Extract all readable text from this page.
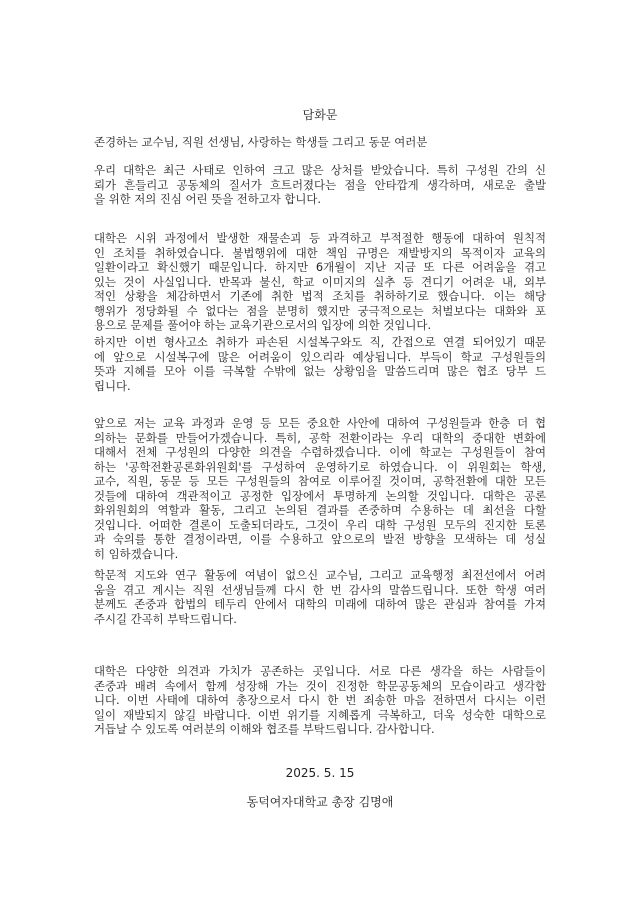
담화문
존경하는 교수님, 직원 선생님, 사랑하는 학생들 그리고 동문 여러분
우리 대학은 최근 사태로 인하여 크고 많은 상처를 받았습니다. 특히 구성원 간의 신
뢰가 흔들리고 공동체의 질서가 흐트러졌다는 점을 안타깝게 생각하며, 새로운 출발
을 위한 저의 진심 어린 뜻을 전하고자 합니다.
대학은 시위 과정에서 발생한 재물손괴 등 과격하고 부적절한 행동에 대하여 원칙적
인 조치를 취하였습니다. 불법행위에 대한 책임 규명은 재발방지의 목적이자 교육의
일환이라고 확신했기 때문입니다. 하지만 6개월이 지난 지금 또 다른 어려움을 겪고
있는 것이 사실입니다. 반목과 불신, 학교 이미지의 실추 등 견디기 어려운 내, 외부
적인 상황을 체감하면서 기존에 취한 법적 조치를 취하하기로 했습니다. 이는 해당
행위가 정당화될 수 없다는 점을 분명히 했지만 궁극적으로는 처벌보다는 대화와 포
용으로 문제를 풀어야 하는 교육기관으로서의 입장에 의한 것입니다.
하지만 이번 형사고소 취하가 파손된 시설복구와도 직, 간접으로 연결 되어있기 때문
에 앞으로 시설복구에 많은 어려움이 있으리라 예상됩니다. 부득이 학교 구성원들의
뜻과 지혜를 모아 이를 극복할 수밖에 없는 상황임을 말씀드리며 많은 협조 당부 드
립니다.
앞으로 저는 교육 과정과 운영 등 모든 중요한 사안에 대하여 구성원들과 한층 더 협
의하는 문화를 만들어가겠습니다. 특히, 공학 전환이라는 우리 대학의 중대한 변화에
대해서 전체 구성원의 다양한 의견을 수렴하겠습니다. 이에 학교는 구성원들이 참여
하는 '공학전환공론화위원회'를 구성하여 운영하기로 하였습니다. 이 위원회는 학생,
교수, 직원, 동문 등 모든 구성원들의 참여로 이루어질 것이며, 공학전환에 대한 모든
것들에 대하여 객관적이고 공정한 입장에서 투명하게 논의할 것입니다. 대학은 공론
화위원회의 역할과 활동, 그리고 논의된 결과를 존중하며 수용하는 데 최선을 다할
것입니다. 어떠한 결론이 도출되더라도, 그것이 우리 대학 구성원 모두의 진지한 토론
과 숙의를 통한 결정이라면, 이를 수용하고 앞으로의 발전 방향을 모색하는 데 성실
히 임하겠습니다.
학문적 지도와 연구 활동에 여념이 없으신 교수님, 그리고 교육행정 최전선에서 어려
움을 겪고 계시는 직원 선생님들께 다시 한 번 감사의 말씀드립니다. 또한 학생 여러
분께도 존중과 합법의 테두리 안에서 대학의 미래에 대하여 많은 관심과 참여를 가져
주시길 간곡히 부탁드립니다.
대학은 다양한 의견과 가치가 공존하는 곳입니다. 서로 다른 생각을 하는 사람들이
존중과 배려 속에서 함께 성장해 가는 것이 진정한 학문공동체의 모습이라고 생각합
니다. 이번 사태에 대하여 총장으로서 다시 한 번 죄송한 마음 전하면서 다시는 이런
일이 재발되지 않길 바랍니다. 이번 위기를 지혜롭게 극복하고, 더욱 성숙한 대학으로
거듭날 수 있도록 여러분의 이해와 협조를 부탁드립니다. 감사합니다.
2025. 5. 15
동덕여자대학교 총장 김명애
